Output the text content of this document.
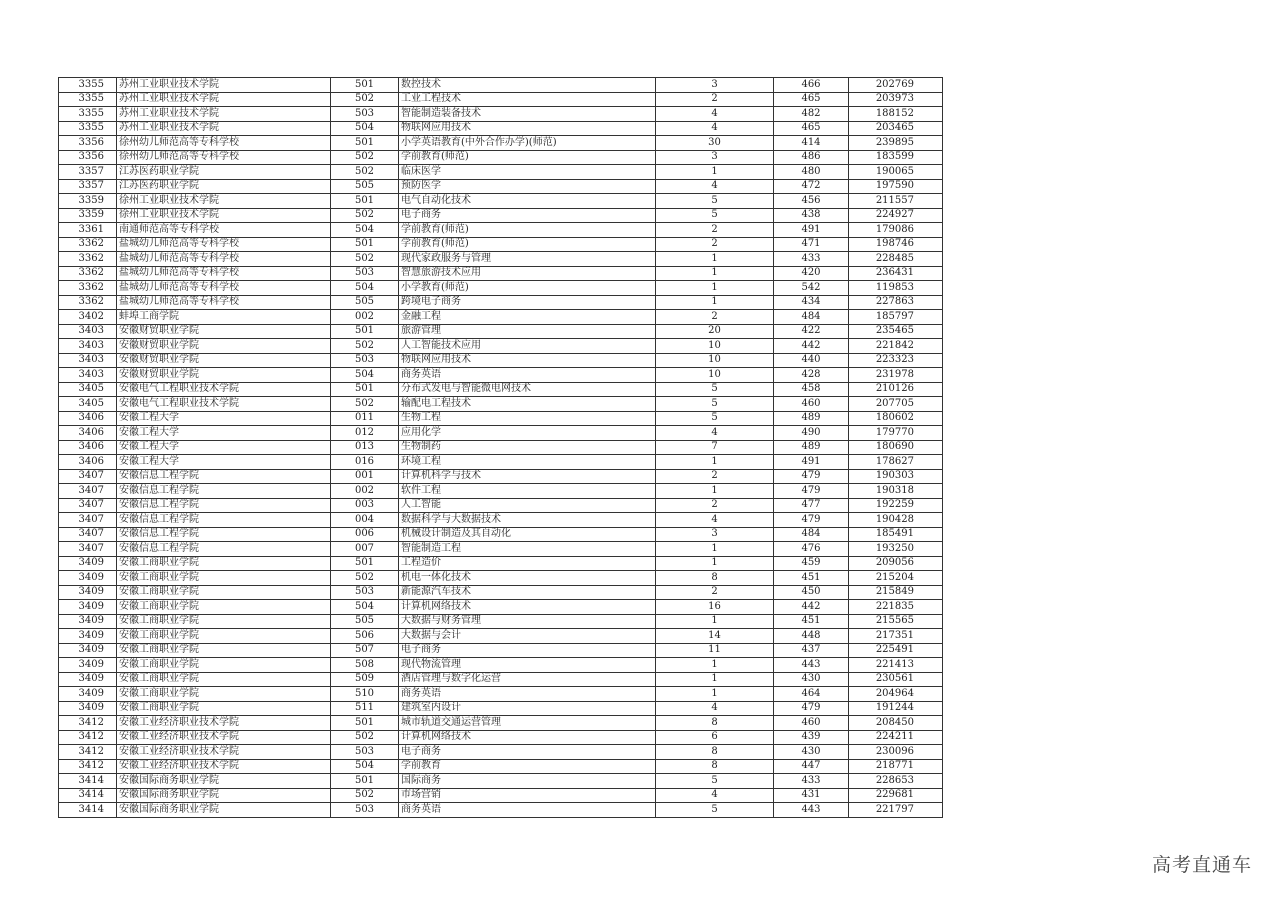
3355	苏州工业职业技术学院	501	数控技术	3	466	202769
3355	苏州工业职业技术学院	502	工业工程技术	2	465	203973
3355	苏州工业职业技术学院	503	智能制造装备技术	4	482	188152
3355	苏州工业职业技术学院	504	物联网应用技术	4	465	203465
3356	徐州幼儿师范高等专科学校	501	小学英语教育(中外合作办学)(师范)	30	414	239895
3356	徐州幼儿师范高等专科学校	502	学前教育(师范)	3	486	183599
3357	江苏医药职业学院	502	临床医学	1	480	190065
3357	江苏医药职业学院	505	预防医学	4	472	197590
3359	徐州工业职业技术学院	501	电气自动化技术	5	456	211557
3359	徐州工业职业技术学院	502	电子商务	5	438	224927
3361	南通师范高等专科学校	504	学前教育(师范)	2	491	179086
3362	盐城幼儿师范高等专科学校	501	学前教育(师范)	2	471	198746
3362	盐城幼儿师范高等专科学校	502	现代家政服务与管理	1	433	228485
3362	盐城幼儿师范高等专科学校	503	智慧旅游技术应用	1	420	236431
3362	盐城幼儿师范高等专科学校	504	小学教育(师范)	1	542	119853
3362	盐城幼儿师范高等专科学校	505	跨境电子商务	1	434	227863
3402	蚌埠工商学院	002	金融工程	2	484	185797
3403	安徽财贸职业学院	501	旅游管理	20	422	235465
3403	安徽财贸职业学院	502	人工智能技术应用	10	442	221842
3403	安徽财贸职业学院	503	物联网应用技术	10	440	223323
3403	安徽财贸职业学院	504	商务英语	10	428	231978
3405	安徽电气工程职业技术学院	501	分布式发电与智能微电网技术	5	458	210126
3405	安徽电气工程职业技术学院	502	输配电工程技术	5	460	207705
3406	安徽工程大学	011	生物工程	5	489	180602
3406	安徽工程大学	012	应用化学	4	490	179770
3406	安徽工程大学	013	生物制药	7	489	180690
3406	安徽工程大学	016	环境工程	1	491	178627
3407	安徽信息工程学院	001	计算机科学与技术	2	479	190303
3407	安徽信息工程学院	002	软件工程	1	479	190318
3407	安徽信息工程学院	003	人工智能	2	477	192259
3407	安徽信息工程学院	004	数据科学与大数据技术	4	479	190428
3407	安徽信息工程学院	006	机械设计制造及其自动化	3	484	185491
3407	安徽信息工程学院	007	智能制造工程	1	476	193250
3409	安徽工商职业学院	501	工程造价	1	459	209056
3409	安徽工商职业学院	502	机电一体化技术	8	451	215204
3409	安徽工商职业学院	503	新能源汽车技术	2	450	215849
3409	安徽工商职业学院	504	计算机网络技术	16	442	221835
3409	安徽工商职业学院	505	大数据与财务管理	1	451	215565
3409	安徽工商职业学院	506	大数据与会计	14	448	217351
3409	安徽工商职业学院	507	电子商务	11	437	225491
3409	安徽工商职业学院	508	现代物流管理	1	443	221413
3409	安徽工商职业学院	509	酒店管理与数字化运营	1	430	230561
3409	安徽工商职业学院	510	商务英语	1	464	204964
3409	安徽工商职业学院	511	建筑室内设计	4	479	191244
3412	安徽工业经济职业技术学院	501	城市轨道交通运营管理	8	460	208450
3412	安徽工业经济职业技术学院	502	计算机网络技术	6	439	224211
3412	安徽工业经济职业技术学院	503	电子商务	8	430	230096
3412	安徽工业经济职业技术学院	504	学前教育	8	447	218771
3414	安徽国际商务职业学院	501	国际商务	5	433	228653
3414	安徽国际商务职业学院	502	市场营销	4	431	229681
3414	安徽国际商务职业学院	503	商务英语	5	443	221797
高考直通车
